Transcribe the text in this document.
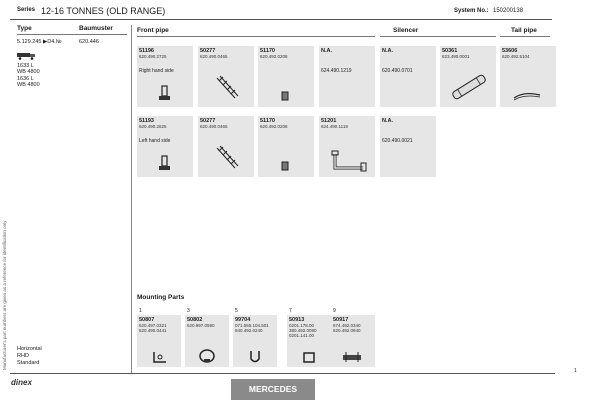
Manufacturer's part numbers are given as a reference for identification only
Series 12-16 TONNES (OLD RANGE)	System No.: 150200138
Type	Baumuster
5.129.245 ▶D4.№	620.446
1633 L
WB 4800
1636 L
WB 4800
Front pipe	Silencer	Tail pipe
51196
620.490.2725
Right hand side
50277
620.490.0465
51170
620.492.0208
N.A.
624.490.1219
N.A.
620.490.0701
50361
623.490.0001
53606
620.492.5104
51193
620.490.2625
Left hand side
50277
620.490.0465
51170
620.492.0208
51201
624.490.1119
N.A.
620.490.0021
Mounting Parts
1
50807
620.497.0321
620.490.0441
3
50802
620.997.0590
5
99704
071.555.104.501
940.492.0240
7
50913
0201.178.00
380.492.0080
0201.141.00
9
50917
674.492.0340
620.492.0940
Horizontal
RHD
Standard
dinex
MERCEDES
1
